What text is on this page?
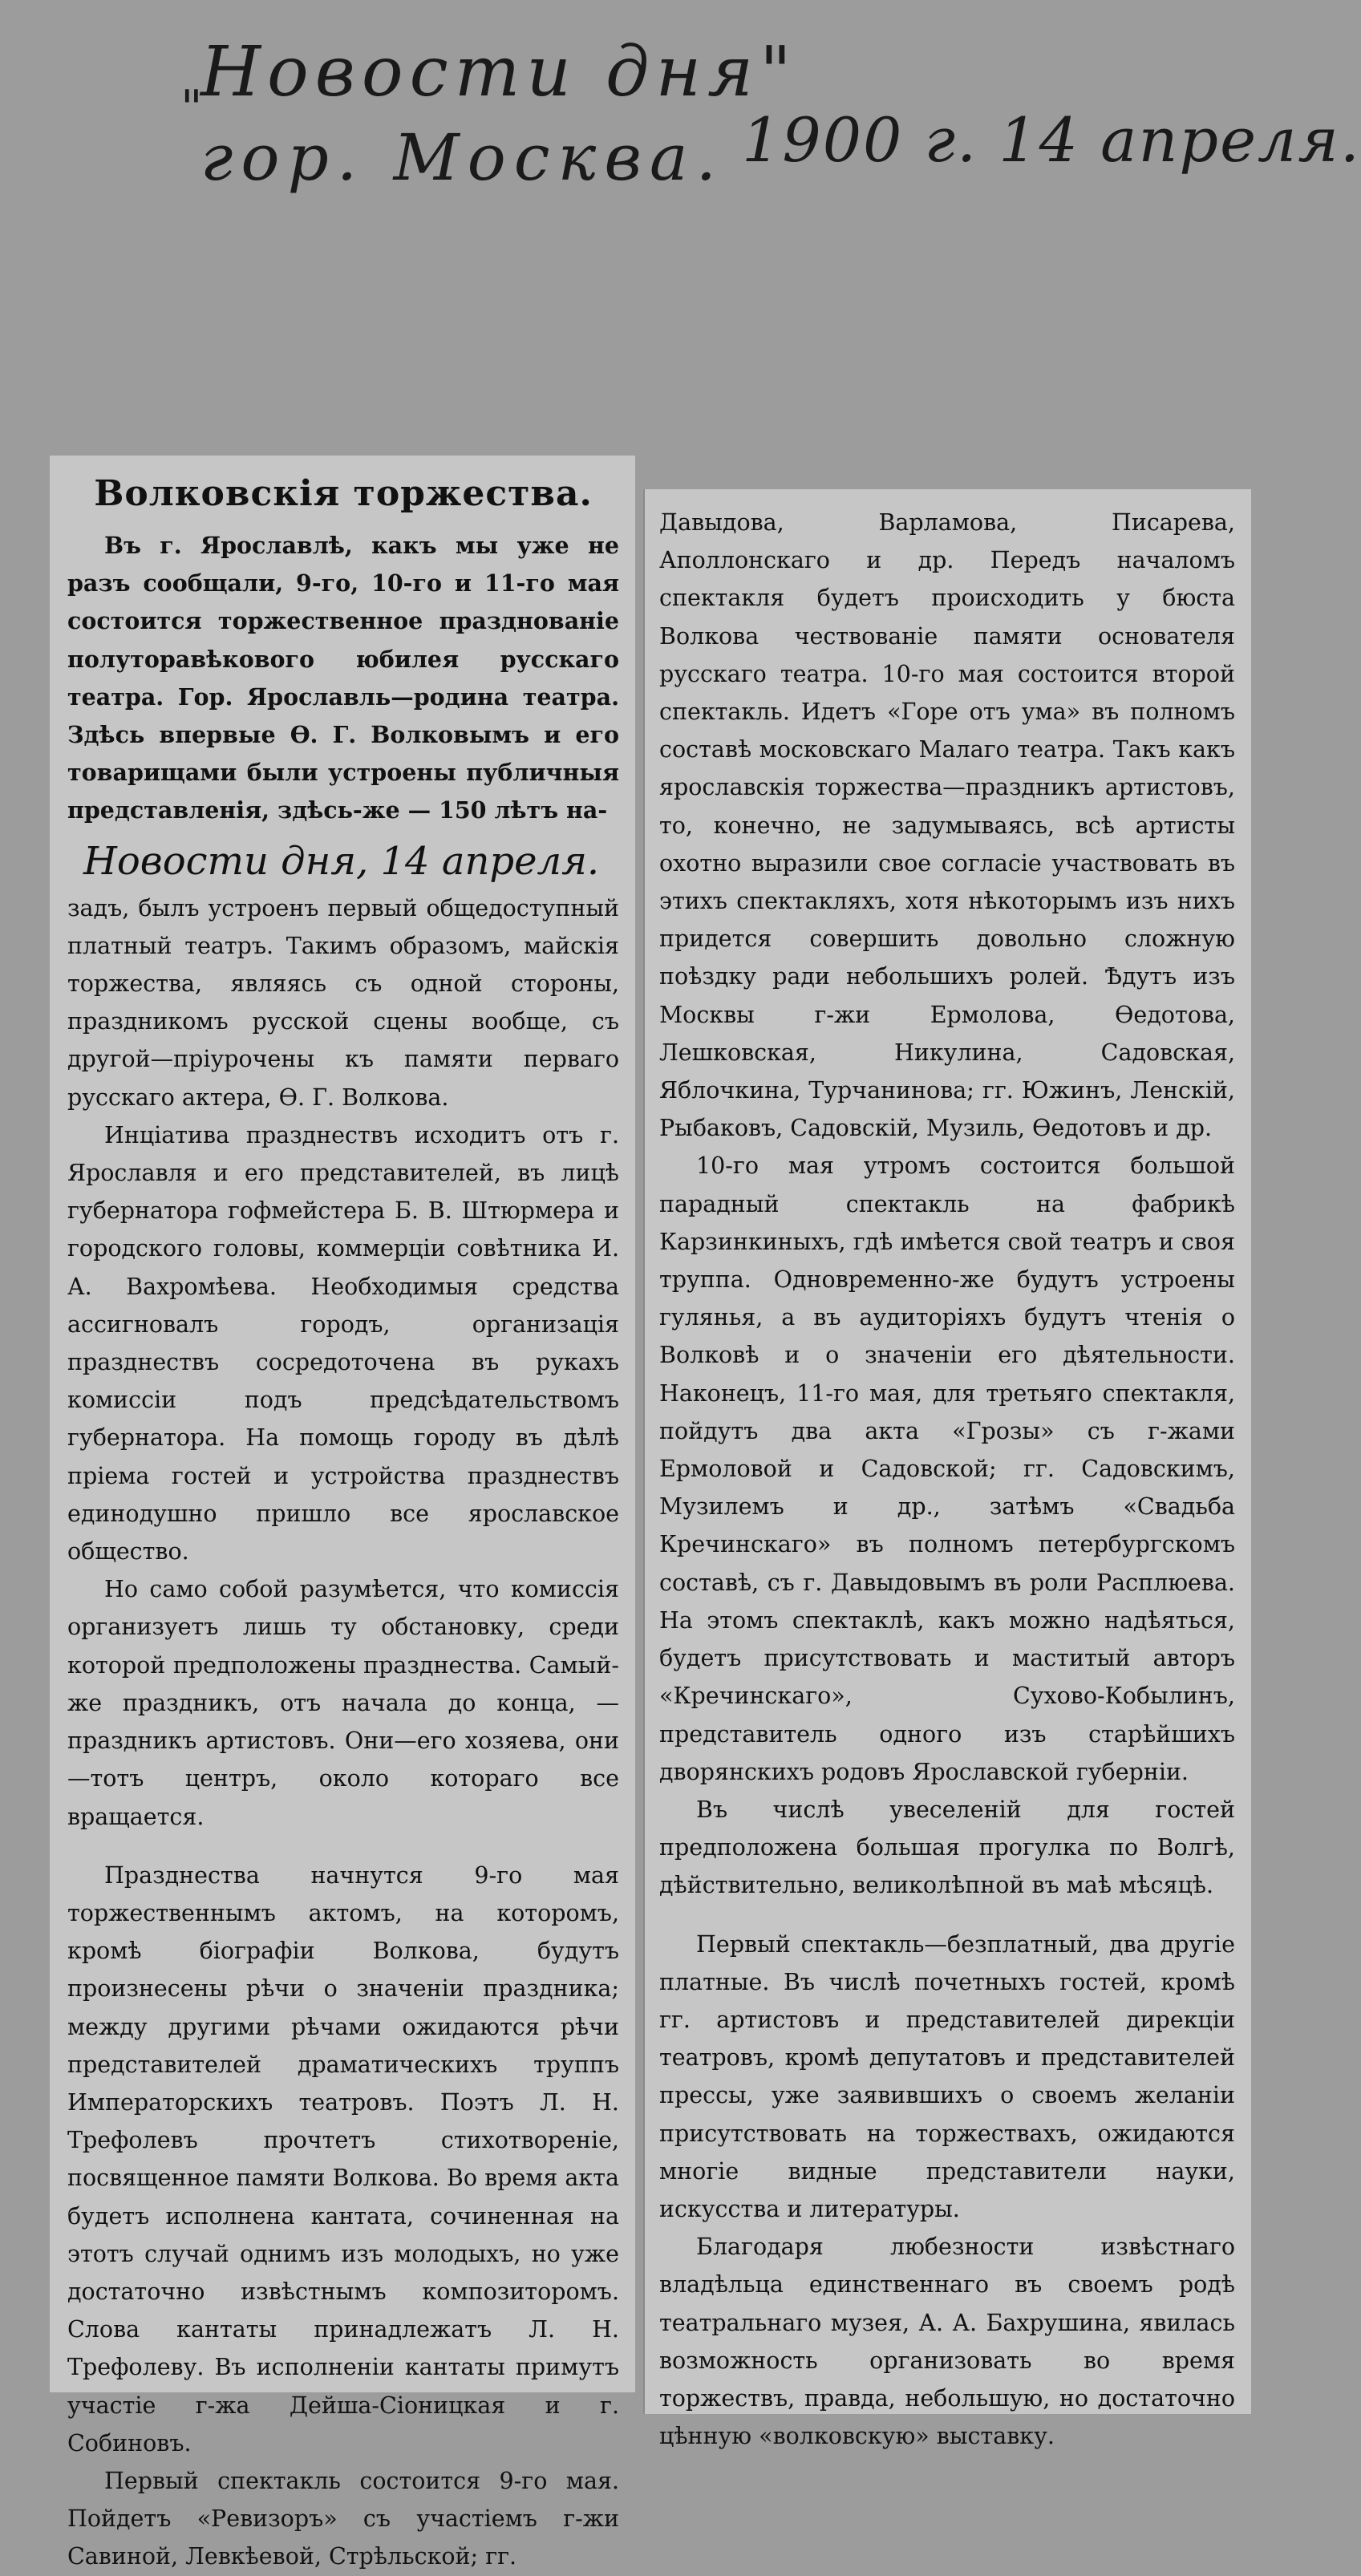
"
Новости дня"
гор. Москва. 1900 г. 14 апреля.
Волковскія торжества.

Въ г. Ярославлѣ, какъ мы уже не разъ сообщали, 9-го, 10-го и 11-го мая состоится торжественное празднованіе полуторавѣкового юбилея русскаго театра. Гор. Ярославль—родина театра. Здѣсь впервые Ѳ. Г. Волковымъ и его товарищами были устроены публичныя представленія, здѣсь-же — 150 лѣтъ на-

Новости дня, 14 апреля.

задъ, былъ устроенъ первый общедоступный платный театръ. Такимъ образомъ, майскія торжества, являясь съ одной стороны, праздникомъ русской сцены вообще, съ другой—пріурочены къ памяти перваго русскаго актера, Ѳ. Г. Волкова.

Инціатива празднествъ исходитъ отъ г. Ярославля и его представителей, въ лицѣ губернатора гофмейстера Б. В. Штюрмера и городского головы, коммерціи совѣтника И. А. Вахромѣева. Необходимыя средства ассигновалъ городъ, организація празднествъ сосредоточена въ рукахъ комиссіи подъ предсѣдательствомъ губернатора. На помощь городу въ дѣлѣ пріема гостей и устройства празднествъ единодушно пришло все ярославское общество.

Но само собой разумѣется, что комиссія организуетъ лишь ту обстановку, среди которой предположены празднества. Самый-же праздникъ, отъ начала до конца, —праздникъ артистовъ. Они—его хозяева, они—тотъ центръ, около котораго все вращается.

Празднества начнутся 9-го мая торжественнымъ актомъ, на которомъ, кромѣ біографіи Волкова, будутъ произнесены рѣчи о значеніи праздника; между другими рѣчами ожидаются рѣчи представителей драматическихъ труппъ Императорскихъ театровъ. Поэтъ Л. Н. Трефолевъ прочтетъ стихотвореніе, посвященное памяти Волкова. Во время акта будетъ исполнена кантата, сочиненная на этотъ случай однимъ изъ молодыхъ, но уже достаточно извѣстнымъ композиторомъ. Слова кантаты принадлежатъ Л. Н. Трефолеву. Въ исполненіи кантаты примутъ участіе г-жа Дейша-Сіоницкая и г. Собиновъ.

Первый спектакль состоится 9-го мая. Пойдетъ «Ревизоръ» съ участіемъ г-жи Савиной, Левкѣевой, Стрѣльской; гг.

Давыдова, Варламова, Писарева, Аполлонскаго и др. Передъ началомъ спектакля будетъ происходить у бюста Волкова чествованіе памяти основателя русскаго театра. 10-го мая состоится второй спектакль. Идетъ «Горе отъ ума» въ полномъ составѣ московскаго Малаго театра. Такъ какъ ярославскія торжества—праздникъ артистовъ, то, конечно, не задумываясь, всѣ артисты охотно выразили свое согласіе участвовать въ этихъ спектакляхъ, хотя нѣкоторымъ изъ нихъ придется совершить довольно сложную поѣздку ради небольшихъ ролей. Ѣдутъ изъ Москвы г-жи Ермолова, Ѳедотова, Лешковская, Никулина, Садовская, Яблочкина, Турчанинова; гг. Южинъ, Ленскій, Рыбаковъ, Садовскій, Музиль, Ѳедотовъ и др.

10-го мая утромъ состоится большой парадный спектакль на фабрикѣ Карзинкиныхъ, гдѣ имѣется свой театръ и своя труппа. Одновременно-же будутъ устроены гулянья, а въ аудиторіяхъ будутъ чтенія о Волковѣ и о значеніи его дѣятельности. Наконецъ, 11-го мая, для третьяго спектакля, пойдутъ два акта «Грозы» съ г-жами Ермоловой и Садовской; гг. Садовскимъ, Музилемъ и др., затѣмъ «Свадьба Кречинскаго» въ полномъ петербургскомъ составѣ, съ г. Давыдовымъ въ роли Расплюева. На этомъ спектаклѣ, какъ можно надѣяться, будетъ присутствовать и маститый авторъ «Кречинскаго», Сухово-Кобылинъ, представитель одного изъ старѣйшихъ дворянскихъ родовъ Ярославской губерніи.

Въ числѣ увеселеній для гостей предположена большая прогулка по Волгѣ, дѣйствительно, великолѣпной въ маѣ мѣсяцѣ.

Первый спектакль—безплатный, два другіе платные. Въ числѣ почетныхъ гостей, кромѣ гг. артистовъ и представителей дирекціи театровъ, кромѣ депутатовъ и представителей прессы, уже заявившихъ о своемъ желаніи присутствовать на торжествахъ, ожидаются многіе видные представители науки, искусства и литературы.

Благодаря любезности извѣстнаго владѣльца единственнаго въ своемъ родѣ театральнаго музея, А. А. Бахрушина, явилась возможность организовать во время торжествъ, правда, небольшую, но достаточно цѣнную «волковскую» выставку.
